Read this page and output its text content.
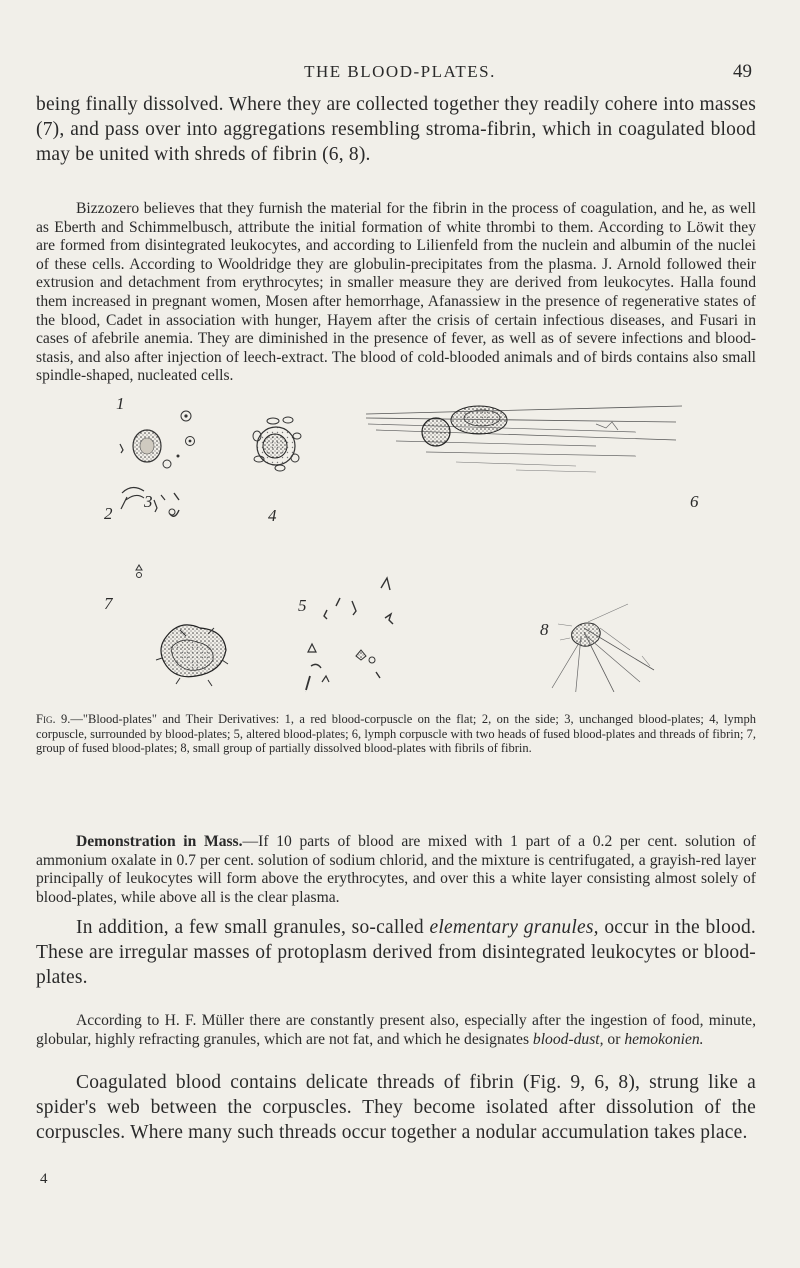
THE BLOOD-PLATES.	49

being finally dissolved. Where they are collected together they readily cohere into masses (7), and pass over into aggregations resembling stroma-fibrin, which in coagulated blood may be united with shreds of fibrin (6, 8).

Bizzozero believes that they furnish the material for the fibrin in the process of coagulation, and he, as well as Eberth and Schimmelbusch, attribute the initial formation of white thrombi to them. According to Löwit they are formed from disintegrated leukocytes, and according to Lilienfeld from the nuclein and albumin of the nuclei of these cells. According to Wooldridge they are globulin-precipitates from the plasma. J. Arnold followed their extrusion and detachment from erythrocytes; in smaller measure they are derived from leukocytes. Halla found them increased in pregnant women, Mosen after hemorrhage, Afanassiew in the presence of regenerative states of the blood, Cadet in association with hunger, Hayem after the crisis of certain infectious diseases, and Fusari in cases of afebrile anemia. They are diminished in the presence of fever, as well as of severe infections and blood-stasis, and also after injection of leech-extract. The blood of cold-blooded animals and of birds contains also small spindle-shaped, nucleated cells.

1
2
3
4
5
6
7
8

Fig. 9.—"Blood-plates" and Their Derivatives: 1, a red blood-corpuscle on the flat; 2, on the side; 3, unchanged blood-plates; 4, lymph corpuscle, surrounded by blood-plates; 5, altered blood-plates; 6, lymph corpuscle with two heads of fused blood-plates and threads of fibrin; 7, group of fused blood-plates; 8, small group of partially dissolved blood-plates with fibrils of fibrin.

Demonstration in Mass.—If 10 parts of blood are mixed with 1 part of a 0.2 per cent. solution of ammonium oxalate in 0.7 per cent. solution of sodium chlorid, and the mixture is centrifugated, a grayish-red layer principally of leukocytes will form above the erythrocytes, and over this a white layer consisting almost solely of blood-plates, while above all is the clear plasma.

In addition, a few small granules, so-called elementary granules, occur in the blood. These are irregular masses of protoplasm derived from disintegrated leukocytes or blood-plates.

According to H. F. Müller there are constantly present also, especially after the ingestion of food, minute, globular, highly refracting granules, which are not fat, and which he designates blood-dust, or hemokonien.

Coagulated blood contains delicate threads of fibrin (Fig. 9, 6, 8), strung like a spider's web between the corpuscles. They become isolated after dissolution of the corpuscles. Where many such threads occur together a nodular accumulation takes place.

4
